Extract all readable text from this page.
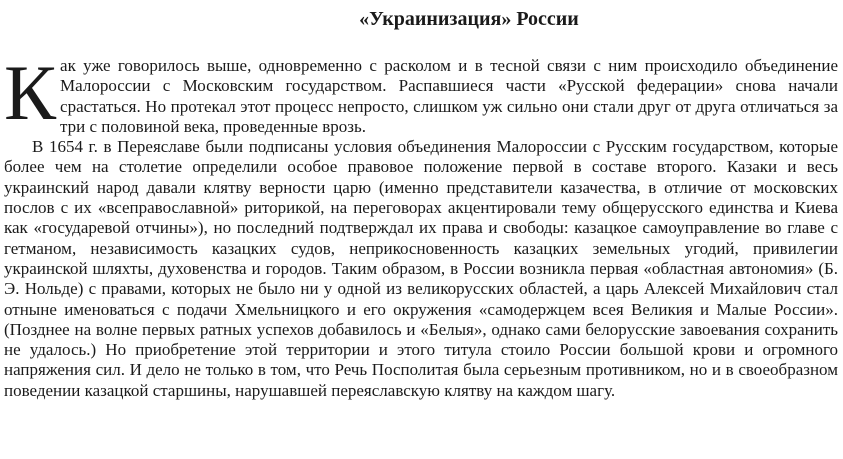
«Украинизация» России

Как уже говорилось выше, одновременно с расколом и в тесной связи с ним происходило объединение Малороссии с Московским государством. Распавшиеся части «Русской федерации» снова начали срастаться. Но протекал этот процесс непросто, слишком уж сильно они стали друг от друга отличаться за три с половиной века, проведенные врозь.

В 1654 г. в Переяславе были подписаны условия объединения Малороссии с Русским государством, которые более чем на столетие определили особое правовое положение первой в составе второго. Казаки и весь украинский народ давали клятву верности царю (именно представители казачества, в отличие от московских послов с их «всеправославной» риторикой, на переговорах акцентировали тему общерусского единства и Киева как «государевой отчины»), но последний подтверждал их права и свободы: казацкое самоуправление во главе с гетманом, независимость казацких судов, неприкосновенность казацких земельных угодий, привилегии украинской шляхты, духовенства и городов. Таким образом, в России возникла первая «областная автономия» (Б. Э. Нольде) с правами, которых не было ни у одной из великорусских областей, а царь Алексей Михайлович стал отныне именоваться с подачи Хмельницкого и его окружения «самодержцем всея Великия и Малые России». (Позднее на волне первых ратных успехов добавилось и «Белыя», однако сами белорусские завоевания сохранить не удалось.) Но приобретение этой территории и этого титула стоило России большой крови и огромного напряжения сил. И дело не только в том, что Речь Посполитая была серьезным противником, но и в своеобразном поведении казацкой старшины, нарушавшей переяславскую клятву на каждом шагу.
